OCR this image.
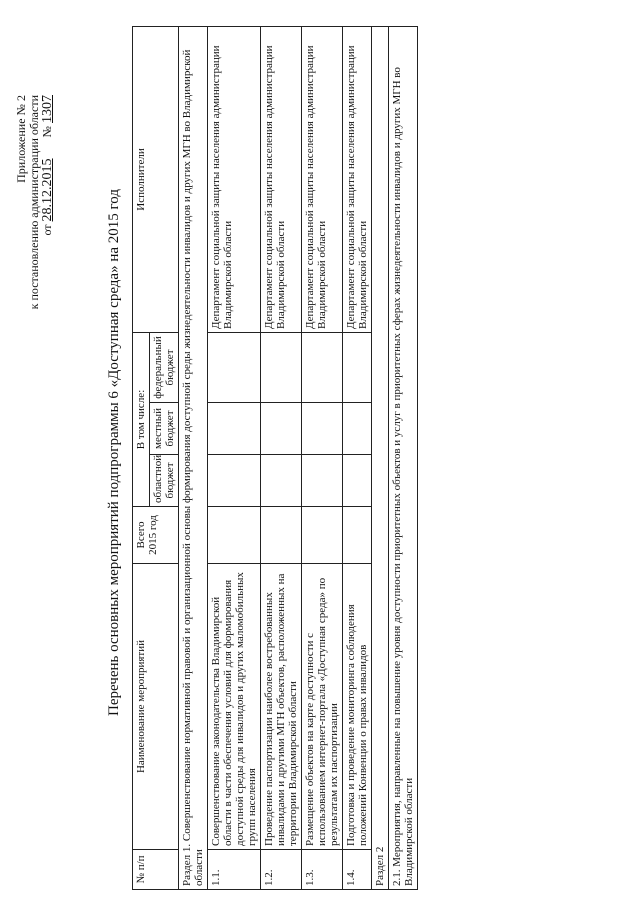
Приложение № 2 к постановлению администрации области от 28.12.2015       № 1307
Перечень основных мероприятий подпрограммы 6 «Доступная среда» на 2015 год
№ п/п	Наименование мероприятий	Всего 2015 год	В том числе:			Исполнители
			областной бюджет	местный бюджет	федеральный бюджет	
Раздел 1. Совершенствование нормативной правовой и организационной основы формирования доступной среды жизнедеятельности инвалидов и других МГН во Владимирской области						
1.1.	Совершенствование законодательства Владимирской области в части обеспечения условий для формирования доступной среды для инвалидов и других маломобильных групп населения					Департамент социальной защиты населения администрации Владимирской области
1.2.	Проведение паспортизации наиболее востребованных инвалидами и другими МГН объектов, расположенных на территории Владимирской области					Департамент социальной защиты населения администрации Владимирской области
1.3.	Размещение объектов на карте доступности с использованием интернет-портала «Доступная среда» по результатам их паспортизации					Департамент социальной защиты населения администрации Владимирской области
1.4.	Подготовка и проведение мониторинга соблюдения положений Конвенции о правах инвалидов					Департамент социальной защиты населения администрации Владимирской области
Раздел 2						
2.1. Мероприятия, направленные на повышение уровня доступности приоритетных объектов и услуг в приоритетных сферах жизнедеятельности инвалидов и других МГН во Владимирской области						
